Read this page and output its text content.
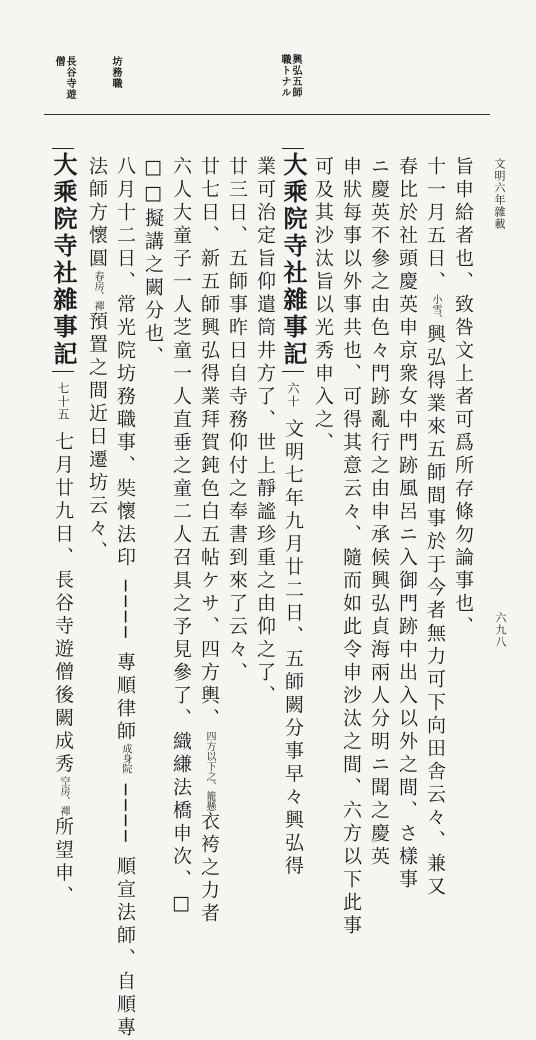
興弘五師
職トナル
坊務職
長谷寺遊
僧
文明六年雜載
六九八
旨申給者也、致咎文上者可爲所存條勿論事也、
十一月五日、小雪、興弘得業來五師間事於于今者無力可下向田舎云々、兼又
春比於社頭慶英申京衆女中門跡風呂ニ入御門跡中出入以外之間、さ樣事
ニ慶英不參之由色々門跡亂行之由申承候興弘貞海兩人分明ニ聞之慶英
申狀每事以外事共也、可得其意云々、隨而如此令申沙汰之間、六方以下此事
可及其沙汰旨以光秀申入之、
大乘院寺社雜事記 六十 文明七年九月廿二日、五師闕分事早々興弘得
業可治定旨仰遣筒井方了、世上靜謐珍重之由仰之了、
廿三日、五師事昨日自寺務仰付之奉書到來了云々、
廿七日、新五師興弘得業拜賀鈍色白五帖ケサ、四方輿、四方以下之、籠懸衣袴之力者
六人大童子一人芝童一人直垂之童二人召具之予見參了、織縑法橋申次、□
□□擬講之闕分也、
八月十二日、常光院坊務職事、奘懷法印 ──── 專順律師成身院 ──── 順宣法師、自順專
法師方懷圓春房、禪預置之間近日遷坊云々、
大乘院寺社雜事記 七十五 七月廿九日、長谷寺遊僧後闕成秀空房、禪所望申、
